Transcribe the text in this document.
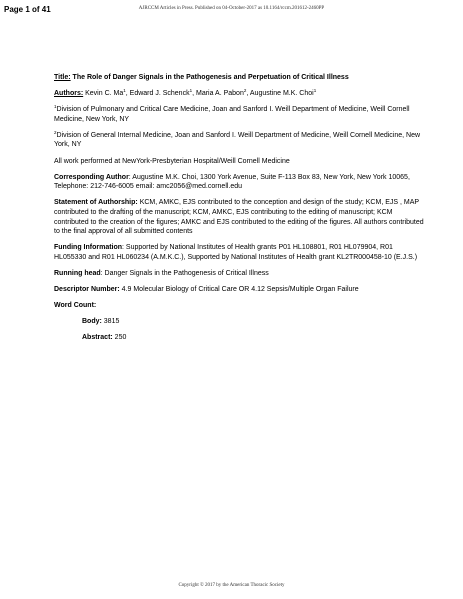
Page 1 of 41	AJRCCM Articles in Press. Published on 04-October-2017 as 10.1164/rccm.201612-2460PP

Title: The Role of Danger Signals in the Pathogenesis and Perpetuation of Critical Illness

Authors: Kevin C. Ma$^1$, Edward J. Schenck$^1$, Maria A. Pabon$^2$, Augustine M.K. Choi$^1$

$^1$Division of Pulmonary and Critical Care Medicine, Joan and Sanford I. Weill Department of Medicine, Weill Cornell Medicine, New York, NY

$^2$Division of General Internal Medicine, Joan and Sanford I. Weill Department of Medicine, Weill Cornell Medicine, New York, NY

All work performed at NewYork-Presbyterian Hospital/Weill Cornell Medicine

Corresponding Author: Augustine M.K. Choi, 1300 York Avenue, Suite F-113 Box 83, New York, New York 10065, Telephone: 212-746-6005 email: amc2056@med.cornell.edu

Statement of Authorship: KCM, AMKC, EJS contributed to the conception and design of the study; KCM, EJS , MAP contributed to the drafting of the manuscript; KCM, AMKC, EJS contributing to the editing of manuscript; KCM contributed to the creation of the figures; AMKC and EJS contributed to the editing of the figures. All authors contributed to the final approval of all submitted contents

Funding Information: Supported by National Institutes of Health grants P01 HL108801, R01 HL079904, R01 HL055330 and R01 HL060234 (A.M.K.C.), Supported by National Institutes of Health grant KL2TR000458-10 (E.J.S.)

Running head: Danger Signals in the Pathogenesis of Critical Illness

Descriptor Number: 4.9 Molecular Biology of Critical Care OR 4.12 Sepsis/Multiple Organ Failure

Word Count:

Body: 3815

Abstract: 250

Copyright © 2017 by the American Thoracic Society
